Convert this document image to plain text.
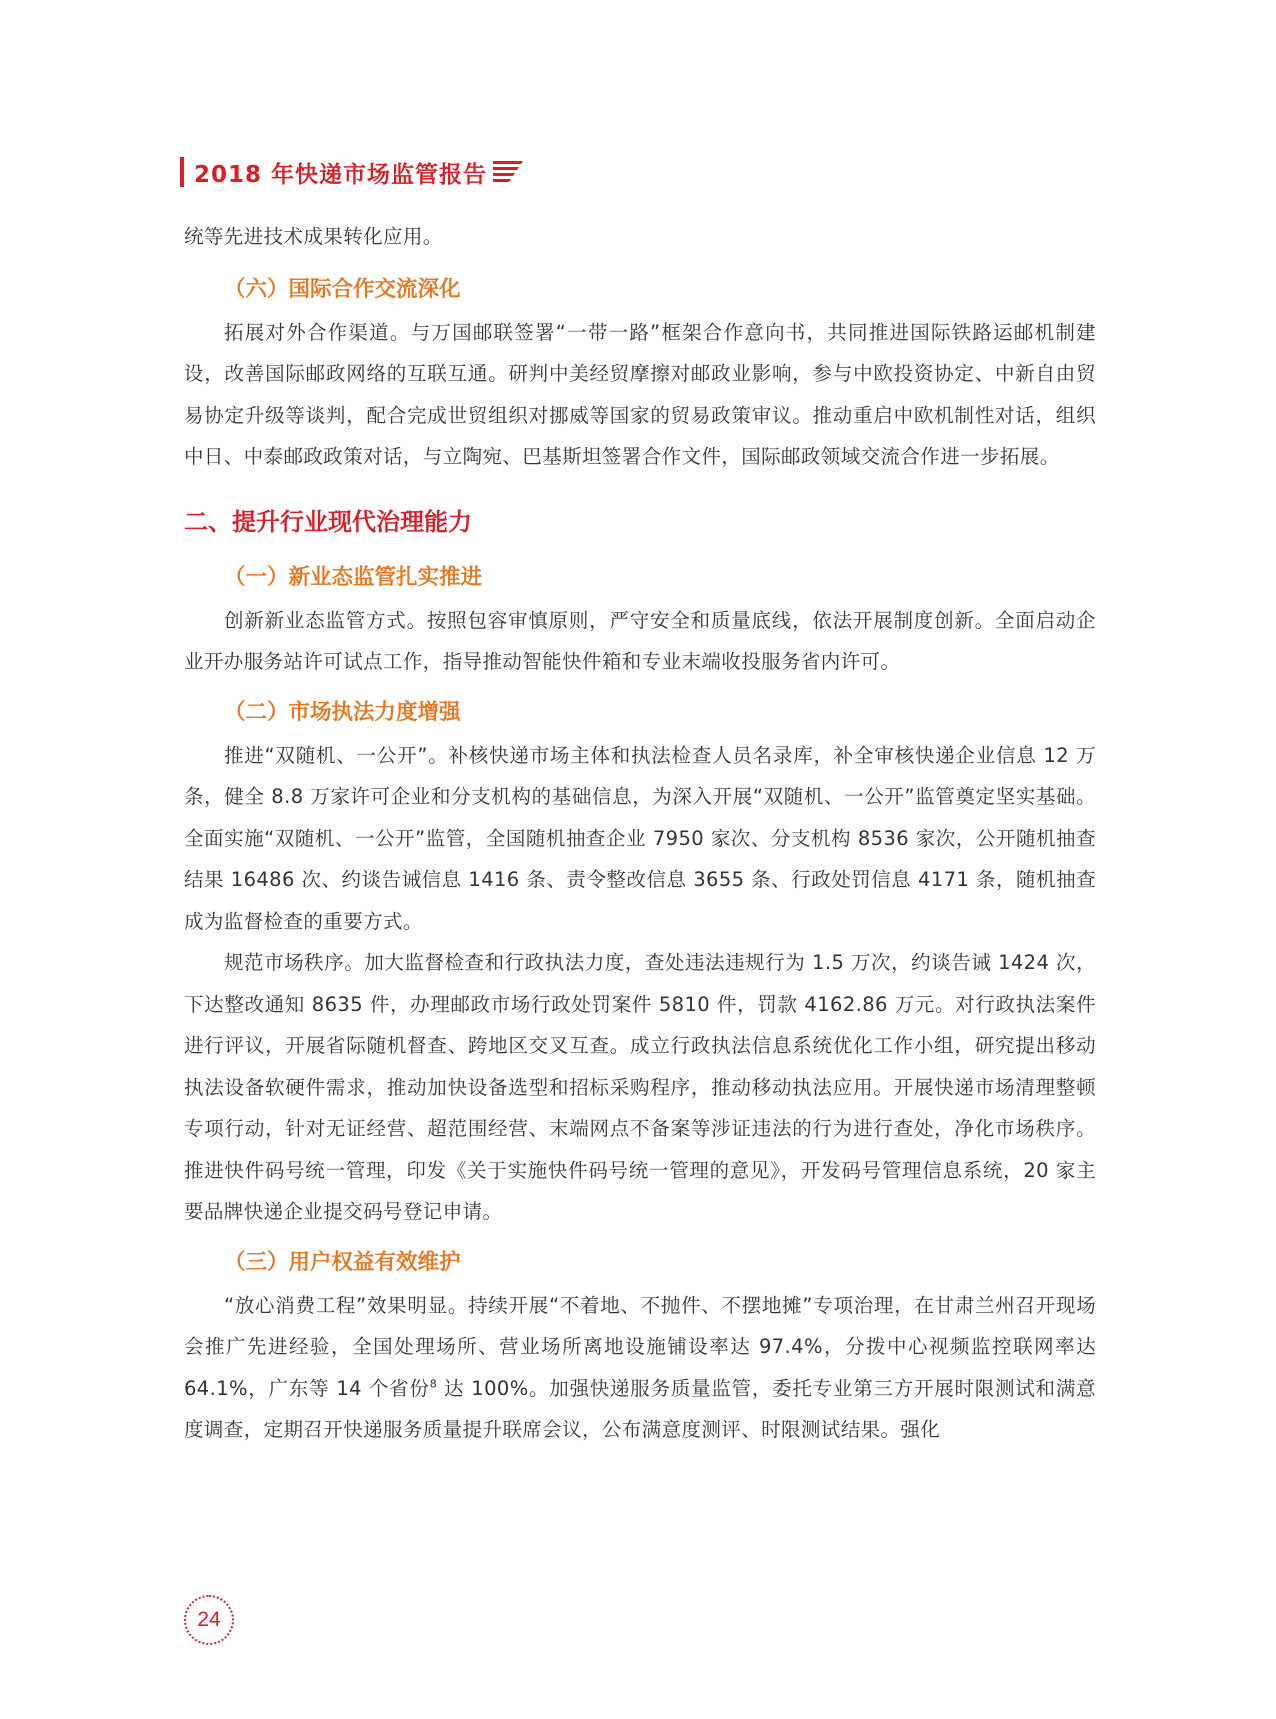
2018 年快递市场监管报告

统等先进技术成果转化应用。

（六）国际合作交流深化

拓展对外合作渠道。与万国邮联签署“一带一路”框架合作意向书，共同推进国际铁路运邮机制建设，改善国际邮政网络的互联互通。研判中美经贸摩擦对邮政业影响，参与中欧投资协定、中新自由贸易协定升级等谈判，配合完成世贸组织对挪威等国家的贸易政策审议。推动重启中欧机制性对话，组织中日、中泰邮政政策对话，与立陶宛、巴基斯坦签署合作文件，国际邮政领域交流合作进一步拓展。

二、提升行业现代治理能力
（一）新业态监管扎实推进

创新新业态监管方式。按照包容审慎原则，严守安全和质量底线，依法开展制度创新。全面启动企业开办服务站许可试点工作，指导推动智能快件箱和专业末端收投服务省内许可。

（二）市场执法力度增强

推进“双随机、一公开”。补核快递市场主体和执法检查人员名录库，补全审核快递企业信息 12 万条，健全 8.8 万家许可企业和分支机构的基础信息，为深入开展“双随机、一公开”监管奠定坚实基础。全面实施“双随机、一公开”监管，全国随机抽查企业 7950 家次、分支机构 8536 家次，公开随机抽查结果 16486 次、约谈告诫信息 1416 条、责令整改信息 3655 条、行政处罚信息 4171 条，随机抽查成为监督检查的重要方式。

规范市场秩序。加大监督检查和行政执法力度，查处违法违规行为 1.5 万次，约谈告诫 1424 次，下达整改通知 8635 件，办理邮政市场行政处罚案件 5810 件，罚款 4162.86 万元。对行政执法案件进行评议，开展省际随机督查、跨地区交叉互查。成立行政执法信息系统优化工作小组，研究提出移动执法设备软硬件需求，推动加快设备选型和招标采购程序，推动移动执法应用。开展快递市场清理整顿专项行动，针对无证经营、超范围经营、末端网点不备案等涉证违法的行为进行查处，净化市场秩序。推进快件码号统一管理，印发《关于实施快件码号统一管理的意见》，开发码号管理信息系统，20 家主要品牌快递企业提交码号登记申请。

（三）用户权益有效维护

“放心消费工程”效果明显。持续开展“不着地、不抛件、不摆地摊”专项治理，在甘肃兰州召开现场会推广先进经验，全国处理场所、营业场所离地设施铺设率达 97.4%，分拨中心视频监控联网率达 64.1%，广东等 14 个省份$^8$ 达 100%。加强快递服务质量监管，委托专业第三方开展时限测试和满意度调查，定期召开快递服务质量提升联席会议，公布满意度测评、时限测试结果。强化

24
